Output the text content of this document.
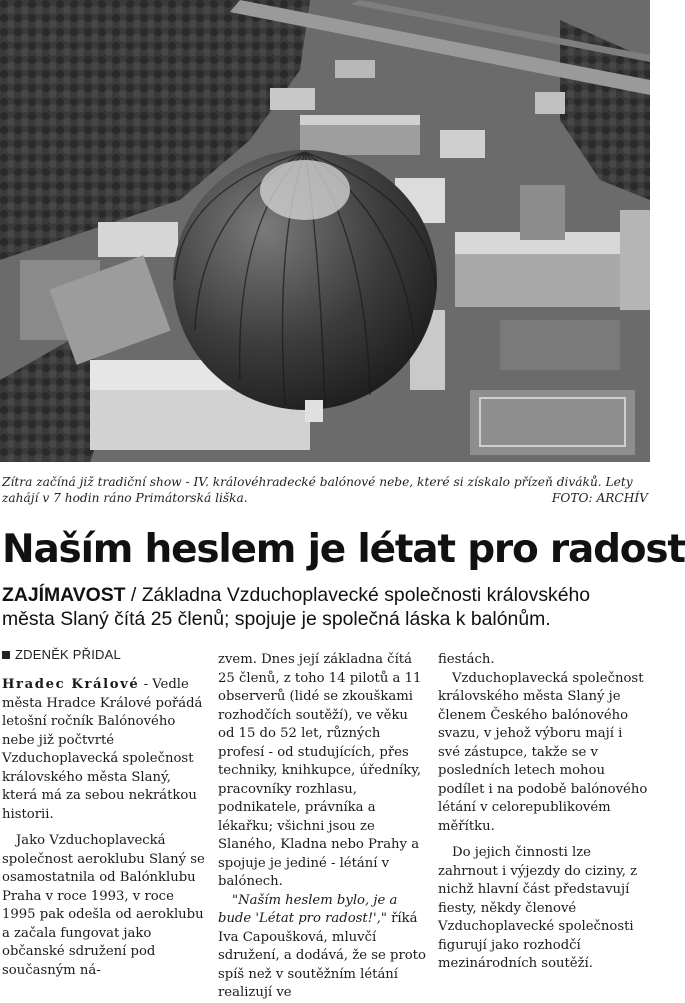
Zítra začíná již tradiční show - IV. královéhradecké balónové nebe, které si získalo přízeň diváků. Lety zahájí v 7 hodin ráno Primátorská liška.	FOTO: ARCHÍV
Naším heslem je létat pro radost
ZAJÍMAVOST / Základna Vzduchoplavecké společnosti královského města Slaný čítá 25 členů; spojuje je společná láska k balónům.
ZDENĚK PŘIDAL

Hradec Králové - Vedle města Hradce Králové pořádá letošní ročník Balónového nebe již počtvrté Vzduchoplavecká společnost královského města Slaný, která má za sebou nekrátkou historii.

Jako Vzduchoplavecká společnost aeroklubu Slaný se osamostatnila od Balónklubu Praha v roce 1993, v roce 1995 pak odešla od aeroklubu a začala fungovat jako občanské sdružení pod současným ná-

zvem. Dnes její základna čítá 25 členů, z toho 14 pilotů a 11 observerů (lidé se zkouškami rozhodčích soutěží), ve věku od 15 do 52 let, různých profesí - od studujících, přes techniky, knihkupce, úředníky, pracovníky rozhlasu, podnikatele, právníka a lékařku; všichni jsou ze Slaného, Kladna nebo Prahy a spojuje je jediné - létání v balónech.

"Naším heslem bylo, je a bude 'Létat pro radost!'," říká Iva Capoušková, mluvčí sdružení, a dodává, že se proto spíš než v soutěžním létání realizují ve

fiestách.

Vzduchoplavecká společnost královského města Slaný je členem Českého balónového svazu, v jehož výboru mají i své zástupce, takže se v posledních letech mohou podílet i na podobě balónového létání v celorepublikovém měřítku.

Do jejich činnosti lze zahrnout i výjezdy do ciziny, z nichž hlavní část představují fiesty, někdy členové Vzduchoplavecké společnosti figurují jako rozhodčí mezinárodních soutěží.
